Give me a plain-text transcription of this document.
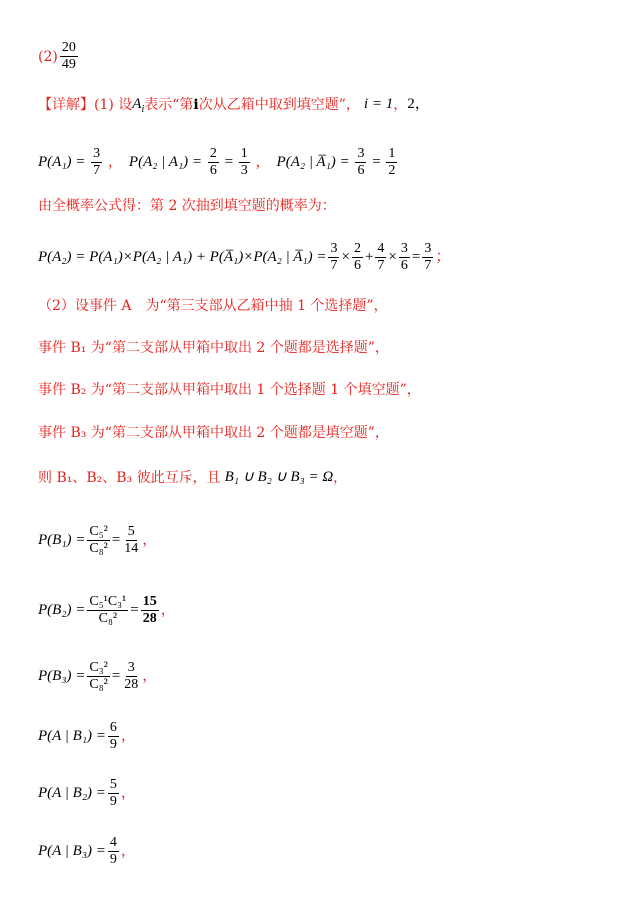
$(2) \frac{20}{49}$
【详解】 (1) 设 $A_i$ 表示“第 i 次从乙箱中取到填空题”， i = 1 ， 2，
$P(A_1) = \frac{3}{7}$ ， P(A₂ | $A_1) = \frac{2}{6} = \frac{1}{3}$ ， P(A₂ | A̅₁) = $\frac{3}{6} = \frac{1}{2}$
由全概率公式得：第 2 次抽到填空题的概率为：
P(A₂) = P(A₁)×P(A₂ | A₁) + P(A̅₁)×P(A₂ | A̅₁) = $\frac{3}{7} \times \frac{2}{6} + \frac{4}{7} \times \frac{3}{6} = \frac{3}{7}$ ；
（2）设事件 A　为“第三支部从乙箱中抽 1 个选择题”，
事件 B₁ 为“第二支部从甲箱中取出 2 个题都是选择题”，
事件 B₂ 为“第二支部从甲箱中取出 1 个选择题 1 个填空题”，
事件 B₃ 为“第二支部从甲箱中取出 2 个题都是填空题”，
则 B₁、B₂、B₃ 彼此互斥，且 B₁ ∪ B₂ ∪ B₃ = Ω ，
$P(B_1) = \frac{\text{C₅²}}{\text{C₈²}} = \frac{5}{14}$ ，
$P(B_2) = \frac{\text{C₅¹C₃¹}}{\text{C₈²}} = \frac{15}{28}$ ，
$P(B_3) = \frac{\text{C₃²}}{\text{C₈²}} = \frac{3}{28}$ ，
P(A | $B_1) = \frac{6}{9}$ ，
P(A | $B_2) = \frac{5}{9}$ ，
P(A | $B_3) = \frac{4}{9}$ ，
